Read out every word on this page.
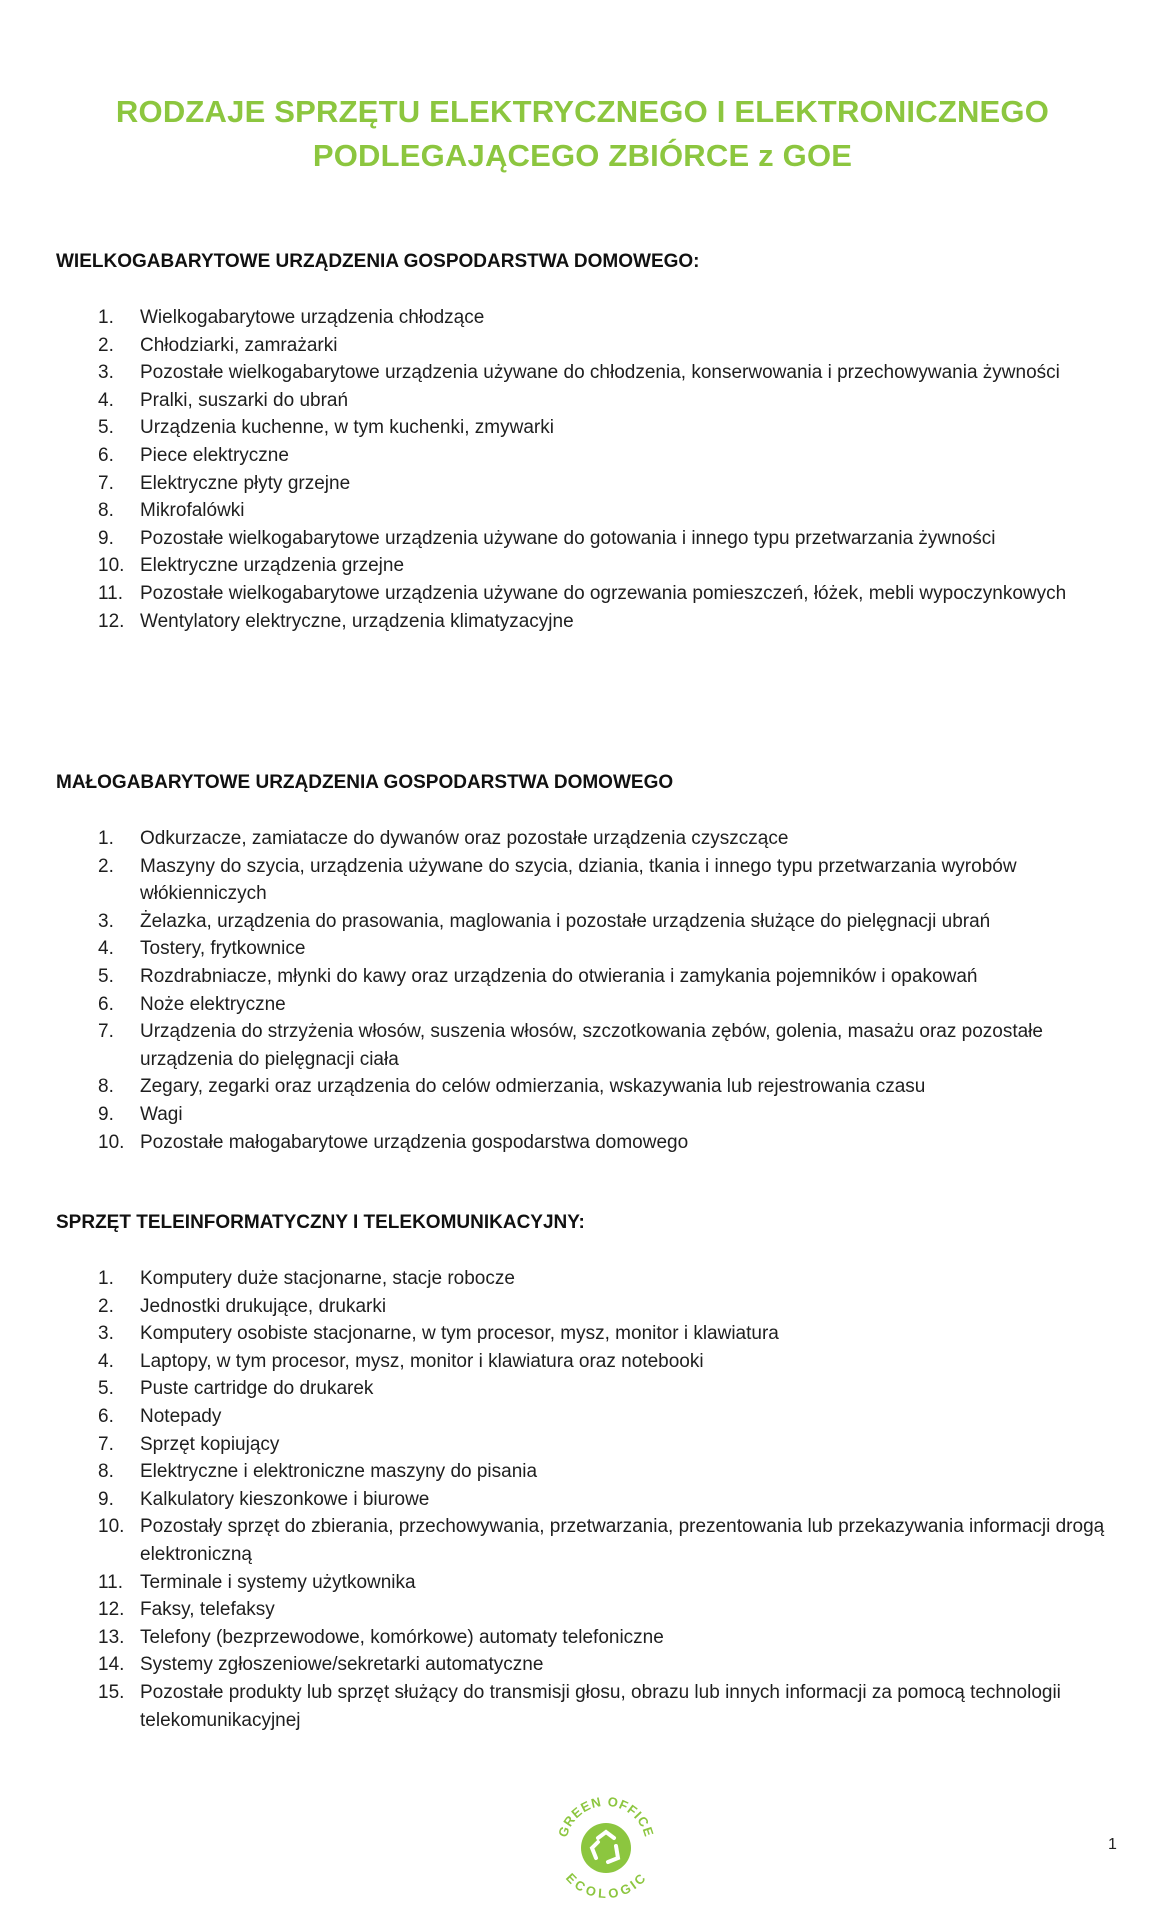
RODZAJE SPRZĘTU ELEKTRYCZNEGO I ELEKTRONICZNEGO
PODLEGAJĄCEGO ZBIÓRCE z GOE
WIELKOGABARYTOWE URZĄDZENIA GOSPODARSTWA DOMOWEGO:
1.	Wielkogabarytowe urządzenia chłodzące
2.	Chłodziarki, zamrażarki
3.	Pozostałe wielkogabarytowe urządzenia używane do chłodzenia, konserwowania i przechowywania żywności
4.	Pralki, suszarki do ubrań
5.	Urządzenia kuchenne, w tym kuchenki, zmywarki
6.	Piece elektryczne
7.	Elektryczne płyty grzejne
8.	Mikrofalówki
9.	Pozostałe wielkogabarytowe urządzenia używane do gotowania i innego typu przetwarzania żywności
10. Elektryczne urządzenia grzejne
11. Pozostałe wielkogabarytowe urządzenia używane do ogrzewania pomieszczeń, łóżek, mebli wypoczynkowych
12. Wentylatory elektryczne, urządzenia klimatyzacyjne
MAŁOGABARYTOWE URZĄDZENIA GOSPODARSTWA DOMOWEGO
1.	Odkurzacze, zamiatacze do dywanów oraz pozostałe urządzenia czyszczące
2.	Maszyny do szycia, urządzenia używane do szycia, dziania, tkania i innego typu przetwarzania wyrobów włókienniczych
3.	Żelazka, urządzenia do prasowania, maglowania i pozostałe urządzenia służące do pielęgnacji ubrań
4.	Tostery, frytkownice
5.	Rozdrabniacze, młynki do kawy oraz urządzenia do otwierania i zamykania pojemników i opakowań
6.	Noże elektryczne
7.	Urządzenia do strzyżenia włosów, suszenia włosów, szczotkowania zębów, golenia, masażu oraz pozostałe urządzenia do pielęgnacji ciała
8.	Zegary, zegarki oraz urządzenia do celów odmierzania, wskazywania lub rejestrowania czasu
9.	Wagi
10. Pozostałe małogabarytowe urządzenia gospodarstwa domowego
SPRZĘT TELEINFORMATYCZNY I TELEKOMUNIKACYJNY:
1.	Komputery duże stacjonarne, stacje robocze
2.	Jednostki drukujące, drukarki
3.	Komputery osobiste stacjonarne, w tym procesor, mysz, monitor i klawiatura
4.	Laptopy, w tym procesor, mysz, monitor i klawiatura oraz notebooki
5.	Puste cartridge do drukarek
6.	Notepady
7.	Sprzęt kopiujący
8.	Elektryczne i elektroniczne maszyny do pisania
9.	Kalkulatory kieszonkowe i biurowe
10. Pozostały sprzęt do zbierania, przechowywania, przetwarzania, prezentowania lub przekazywania informacji drogą elektroniczną
11. Terminale i systemy użytkownika
12. Faksy, telefaksy
13. Telefony (bezprzewodowe, komórkowe) automaty telefoniczne
14. Systemy zgłoszeniowe/sekretarki automatyczne
15. Pozostałe produkty lub sprzęt służący do transmisji głosu, obrazu lub innych informacji za pomocą technologii telekomunikacyjnej
GREEN OFFICE
ECOLOGIC
1
